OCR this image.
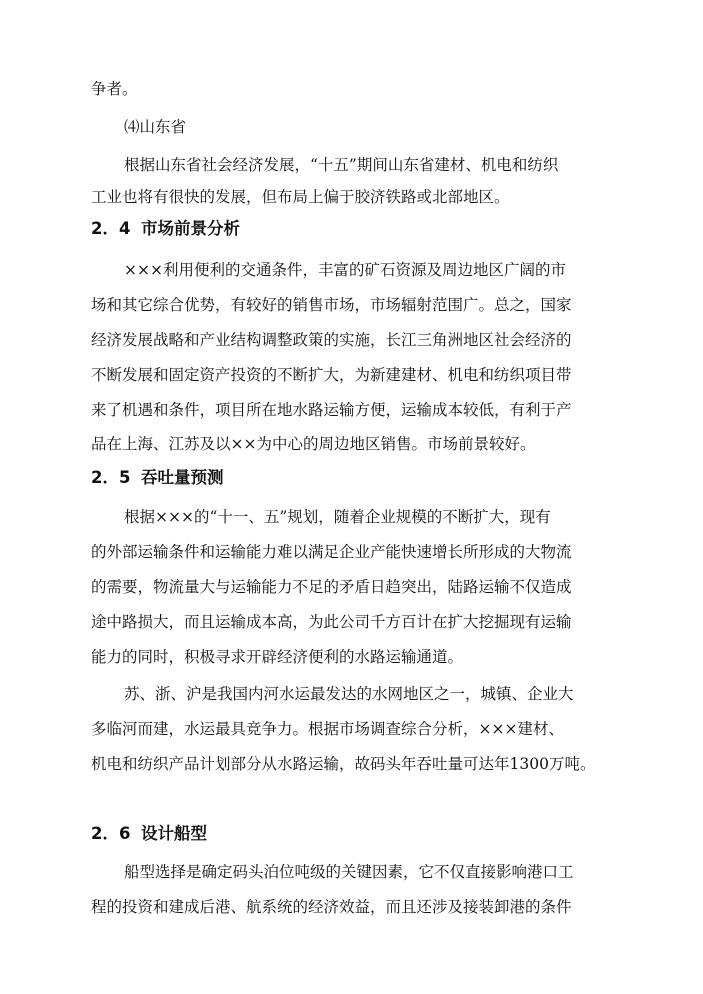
争者。
⑷山东省
根据山东省社会经济发展，“十五”期间山东省建材、机电和纺织
工业也将有很快的发展，但布局上偏于胶济铁路或北部地区。
2．4 市场前景分析
×××利用便利的交通条件，丰富的矿石资源及周边地区广阔的市
场和其它综合优势，有较好的销售市场，市场辐射范围广。总之，国家
经济发展战略和产业结构调整政策的实施，长江三角洲地区社会经济的
不断发展和固定资产投资的不断扩大，为新建建材、机电和纺织项目带
来了机遇和条件，项目所在地水路运输方便，运输成本较低，有利于产
品在上海、江苏及以××为中心的周边地区销售。市场前景较好。
2．5 吞吐量预测
根据×××的“十一、五”规划，随着企业规模的不断扩大，现有
的外部运输条件和运输能力难以满足企业产能快速增长所形成的大物流
的需要，物流量大与运输能力不足的矛盾日趋突出，陆路运输不仅造成
途中路损大，而且运输成本高，为此公司千方百计在扩大挖掘现有运输
能力的同时，积极寻求开辟经济便利的水路运输通道。
苏、浙、沪是我国内河水运最发达的水网地区之一，城镇、企业大
多临河而建，水运最具竞争力。根据市场调查综合分析，×××建材、
机电和纺织产品计划部分从水路运输，故码头年吞吐量可达年1300万吨。
2．6 设计船型
船型选择是确定码头泊位吨级的关键因素，它不仅直接影响港口工
程的投资和建成后港、航系统的经济效益，而且还涉及接装卸港的条件
